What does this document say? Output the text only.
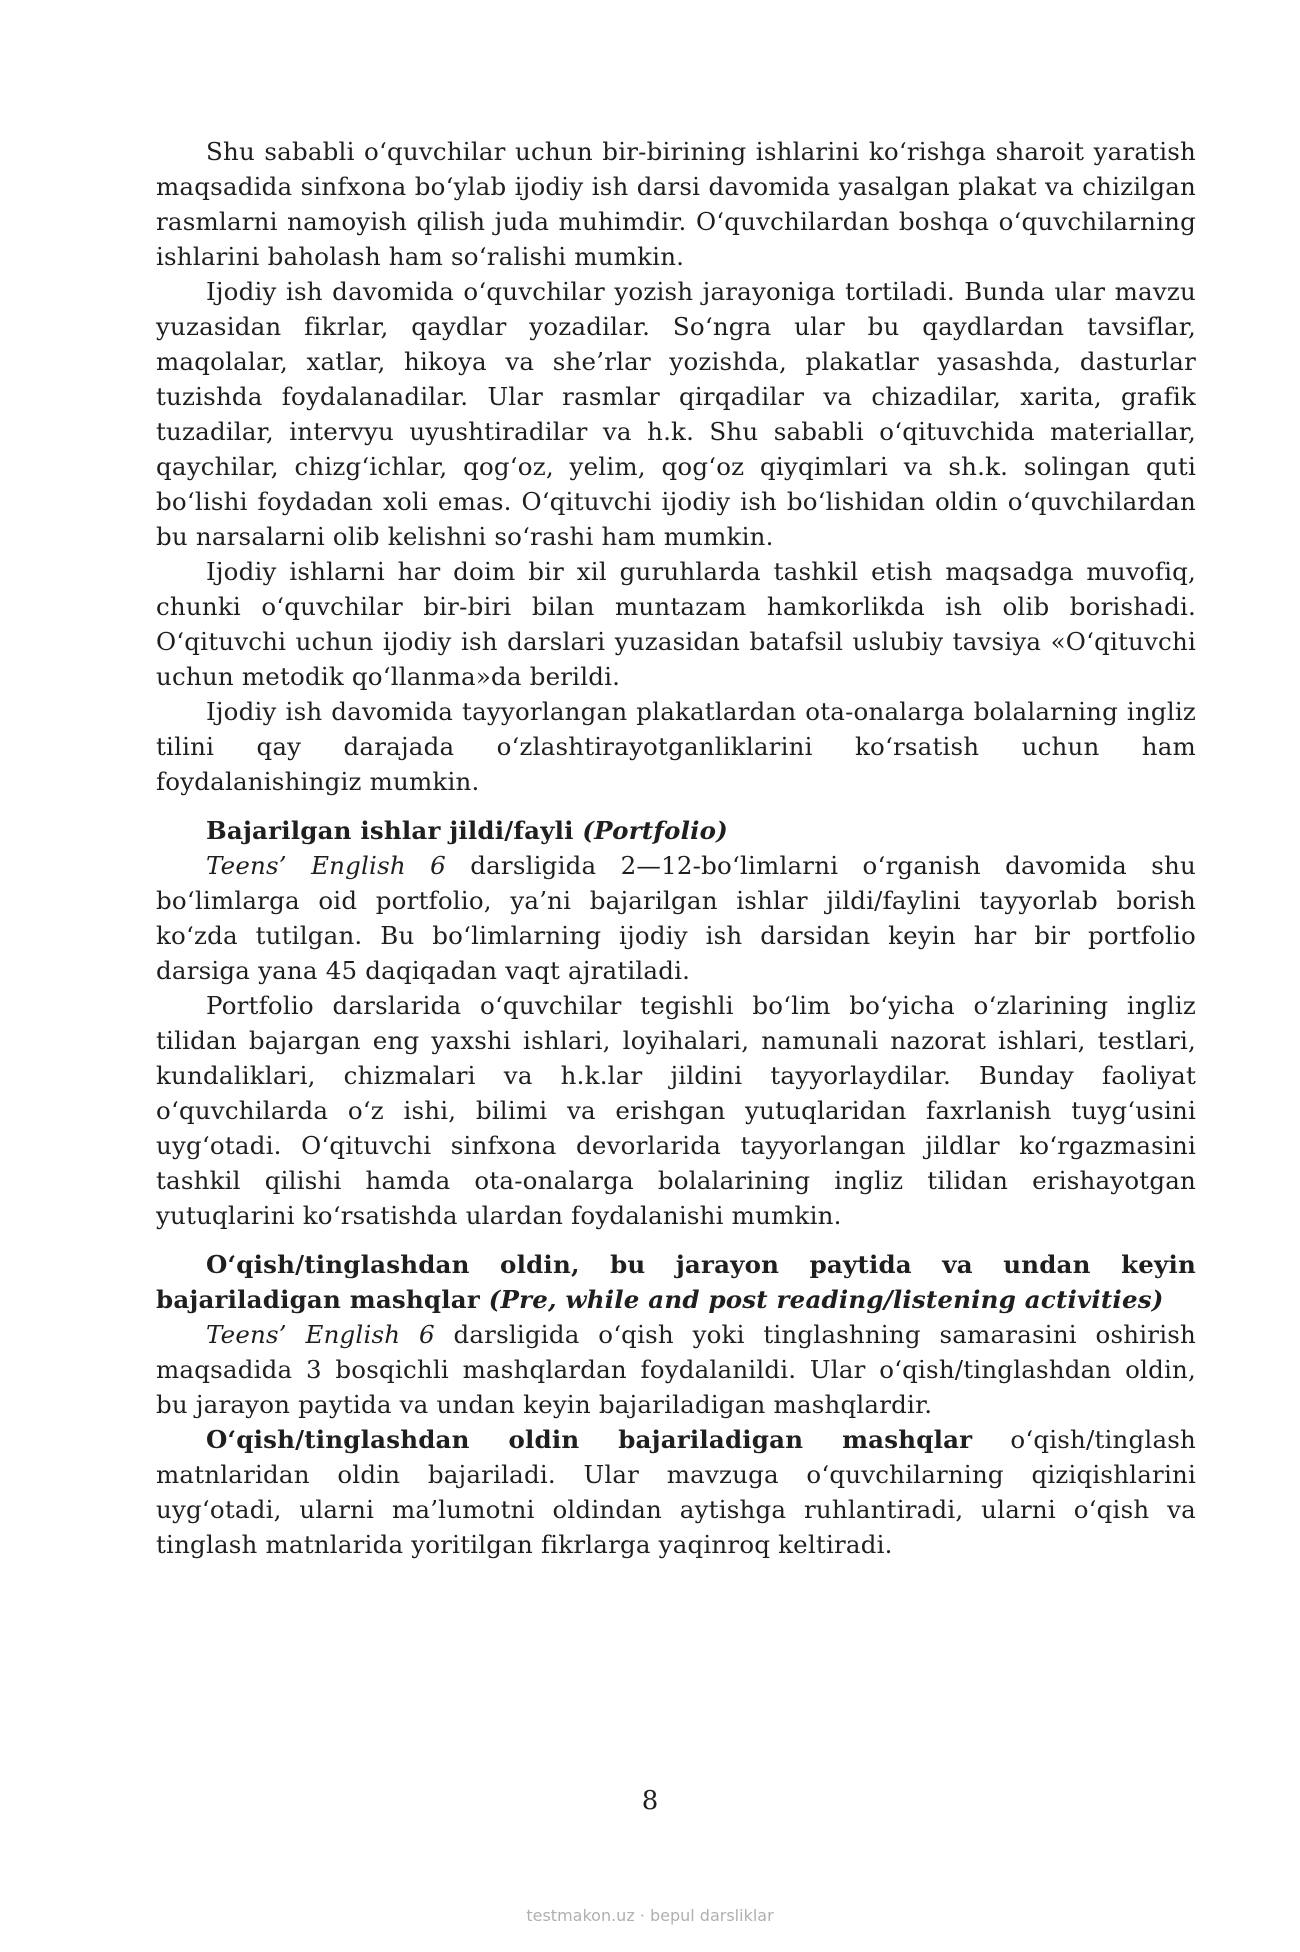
Shu sababli o‘quvchilar uchun bir-birining ishlarini ko‘rishga sharoit yaratish maqsadida sinfxona bo‘ylab ijodiy ish darsi davomida yasalgan plakat va chizilgan rasmlarni namoyish qilish juda muhimdir. O‘quvchilardan boshqa o‘quvchilarning ishlarini baholash ham so‘ralishi mumkin.

Ijodiy ish davomida o‘quvchilar yozish jarayoniga tortiladi. Bunda ular mavzu yuzasidan fikrlar, qaydlar yozadilar. So‘ngra ular bu qaydlardan tavsiflar, maqolalar, xatlar, hikoya va she’rlar yozishda, plakatlar yasashda, dasturlar tuzishda foydalanadilar. Ular rasmlar qirqadilar va chizadilar, xarita, grafik tuzadilar, intervyu uyushtiradilar va h.k. Shu sababli o‘qituvchida materiallar, qaychilar, chizg‘ichlar, qog‘oz, yelim, qog‘oz qiyqimlari va sh.k. solingan quti bo‘lishi foydadan xoli emas. O‘qituvchi ijodiy ish bo‘lishidan oldin o‘quvchilardan bu narsalarni olib kelishni so‘rashi ham mumkin.

Ijodiy ishlarni har doim bir xil guruhlarda tashkil etish maqsadga muvofiq, chunki o‘quvchilar bir-biri bilan muntazam hamkorlikda ish olib borishadi. O‘qituvchi uchun ijodiy ish darslari yuzasidan batafsil uslubiy tavsiya «O‘qituvchi uchun metodik qo‘llanma»da berildi.

Ijodiy ish davomida tayyorlangan plakatlardan ota-onalarga bolalarning ingliz tilini qay darajada o‘zlashtirayotganliklarini ko‘rsatish uchun ham foydalanishingiz mumkin.

Bajarilgan ishlar jildi/fayli (Portfolio)

Teens’ English 6 darsligida 2—12-bo‘limlarni o‘rganish davomida shu bo‘limlarga oid portfolio, ya’ni bajarilgan ishlar jildi/faylini tayyorlab borish ko‘zda tutilgan. Bu bo‘limlarning ijodiy ish darsidan keyin har bir portfolio darsiga yana 45 daqiqadan vaqt ajratiladi.

Portfolio darslarida o‘quvchilar tegishli bo‘lim bo‘yicha o‘zlarining ingliz tilidan bajargan eng yaxshi ishlari, loyihalari, namunali nazorat ishlari, testlari, kundaliklari, chizmalari va h.k.lar jildini tayyorlaydilar. Bunday faoliyat o‘quvchilarda o‘z ishi, bilimi va erishgan yutuqlaridan faxrlanish tuyg‘usini uyg‘otadi. O‘qituvchi sinfxona devorlarida tayyorlangan jildlar ko‘rgazmasini tashkil qilishi hamda ota-onalarga bolalarining ingliz tilidan erishayotgan yutuqlarini ko‘rsatishda ulardan foydalanishi mumkin.

O‘qish/tinglashdan oldin, bu jarayon paytida va undan keyin bajariladigan mashqlar (Pre, while and post reading/listening activities)

Teens’ English 6 darsligida o‘qish yoki tinglashning samarasini oshirish maqsadida 3 bosqichli mashqlardan foydalanildi. Ular o‘qish/tinglashdan oldin, bu jarayon paytida va undan keyin bajariladigan mashqlardir.

O‘qish/tinglashdan oldin bajariladigan mashqlar o‘qish/tinglash matnlaridan oldin bajariladi. Ular mavzuga o‘quvchilarning qiziqishlarini uyg‘otadi, ularni ma’lumotni oldindan aytishga ruhlantiradi, ularni o‘qish va tinglash matnlarida yoritilgan fikrlarga yaqinroq keltiradi.

8
testmakon.uz · bepul darsliklar
